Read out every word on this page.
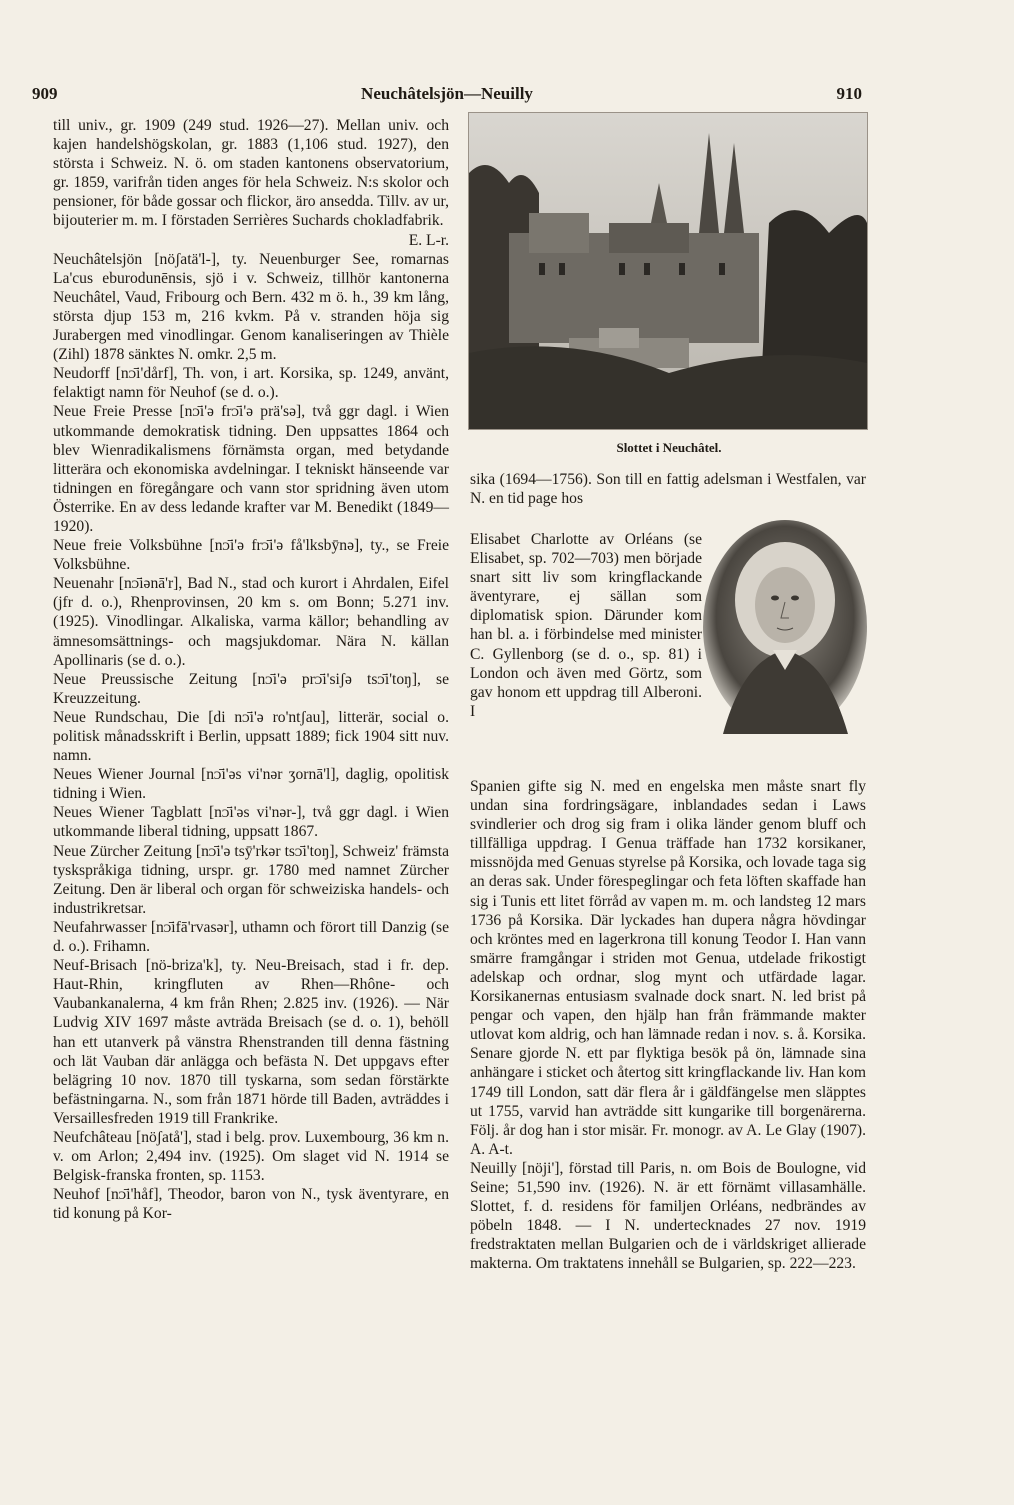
909	Neuchâtelsjön—Neuilly	910

till univ., gr. 1909 (249 stud. 1926—27). Mellan univ. och kajen handelshögskolan, gr. 1883 (1,106 stud. 1927), den största i Schweiz. N. ö. om staden kantonens observatorium, gr. 1859, varifrån tiden anges för hela Schweiz. N:s skolor och pensioner, för både gossar och flickor, äro ansedda. Tillv. av ur, bijouterier m. m. I förstaden Serrières Suchards chokladfabrik.

E. L-r.

Neuchâtelsjön [nöʃatä'l-], ty. Neuenburger See, romarnas La'cus eburodunēnsis, sjö i v. Schweiz, tillhör kantonerna Neuchâtel, Vaud, Fribourg och Bern. 432 m ö. h., 39 km lång, största djup 153 m, 216 kvkm. På v. stranden höja sig Jurabergen med vinodlingar. Genom kanaliseringen av Thièle (Zihl) 1878 sänktes N. omkr. 2,5 m.

Neudorff [nᴐ̄i'dårf], Th. von, i art. Korsika, sp. 1249, använt, felaktigt namn för Neuhof (se d. o.).

Neue Freie Presse [nᴐ̄i'ə frᴐ̄i'ə prä'sə], två ggr dagl. i Wien utkommande demokratisk tidning. Den uppsattes 1864 och blev Wienradikalismens förnämsta organ, med betydande litterära och ekonomiska avdelningar. I tekniskt hänseende var tidningen en föregångare och vann stor spridning även utom Österrike. En av dess ledande krafter var M. Benedikt (1849—1920).

Neue freie Volksbühne [nᴐ̄i'ə frᴐ̄i'ə få'lksbȳnə], ty., se Freie Volksbühne.

Neuenahr [nᴐ̄iənā'r], Bad N., stad och kurort i Ahrdalen, Eifel (jfr d. o.), Rhenprovinsen, 20 km s. om Bonn; 5.271 inv. (1925). Vinodlingar. Alkaliska, varma källor; behandling av ämnesomsättnings- och magsjukdomar. Nära N. källan Apollinaris (se d. o.).

Neue Preussische Zeitung [nᴐ̄i'ə prᴐ̄i'siʃə tsᴐ̄i'toŋ], se Kreuzzeitung.

Neue Rundschau, Die [di nᴐ̄i'ə ro'ntʃau], litterär, social o. politisk månadsskrift i Berlin, uppsatt 1889; fick 1904 sitt nuv. namn.

Neues Wiener Journal [nᴐ̄i'əs vi'nər ʒornā'l], daglig, opolitisk tidning i Wien.

Neues Wiener Tagblatt [nᴐ̄i'əs vi'nər-], två ggr dagl. i Wien utkommande liberal tidning, uppsatt 1867.

Neue Zürcher Zeitung [nᴐ̄i'ə tsȳ'rkər tsᴐ̄i'toŋ], Schweiz' främsta tyskspråkiga tidning, urspr. gr. 1780 med namnet Zürcher Zeitung. Den är liberal och organ för schweiziska handels- och industrikretsar.

Neufahrwasser [nᴐ̄ifā'rvasər], uthamn och förort till Danzig (se d. o.). Frihamn.

Neuf-Brisach [nö-briza'k], ty. Neu-Breisach, stad i fr. dep. Haut-Rhin, kringfluten av Rhen—Rhône- och Vaubankanalerna, 4 km från Rhen; 2.825 inv. (1926). — När Ludvig XIV 1697 måste avträda Breisach (se d. o. 1), behöll han ett utanverk på vänstra Rhenstranden till denna fästning och lät Vauban där anlägga och befästa N. Det uppgavs efter belägring 10 nov. 1870 till tyskarna, som sedan förstärkte befästningarna. N., som från 1871 hörde till Baden, avträddes i Versaillesfreden 1919 till Frankrike.

Neufchâteau [nöʃatå'], stad i belg. prov. Luxembourg, 36 km n. v. om Arlon; 2,494 inv. (1925). Om slaget vid N. 1914 se Belgisk-franska fronten, sp. 1153.

Neuhof [nᴐ̄i'håf], Theodor, baron von N., tysk äventyrare, en tid konung på Kor-

Slottet i Neuchâtel.

sika (1694—1756). Son till en fattig adelsman i Westfalen, var N. en tid page hos

Elisabet Charlotte av Orléans (se Elisabet, sp. 702—703) men började snart sitt liv som kringflackande äventyrare, ej sällan som diplomatisk spion. Därunder kom han bl. a. i förbindelse med minister C. Gyllenborg (se d. o., sp. 81) i London och även med Görtz, som gav honom ett uppdrag till Alberoni. I

Spanien gifte sig N. med en engelska men måste snart fly undan sina fordringsägare, inblandades sedan i Laws svindlerier och drog sig fram i olika länder genom bluff och tillfälliga uppdrag. I Genua träffade han 1732 korsikaner, missnöjda med Genuas styrelse på Korsika, och lovade taga sig an deras sak. Under förespeglingar och feta löften skaffade han sig i Tunis ett litet förråd av vapen m. m. och landsteg 12 mars 1736 på Korsika. Där lyckades han dupera några hövdingar och kröntes med en lagerkrona till konung Teodor I. Han vann smärre framgångar i striden mot Genua, utdelade frikostigt adelskap och ordnar, slog mynt och utfärdade lagar. Korsikanernas entusiasm svalnade dock snart. N. led brist på pengar och vapen, den hjälp han från främmande makter utlovat kom aldrig, och han lämnade redan i nov. s. å. Korsika. Senare gjorde N. ett par flyktiga besök på ön, lämnade sina anhängare i sticket och återtog sitt kringflackande liv. Han kom 1749 till London, satt där flera år i gäldfängelse men släpptes ut 1755, varvid han avträdde sitt kungarike till borgenärerna. Följ. år dog han i stor misär. Fr. monogr. av A. Le Glay (1907). A. A-t.

Neuilly [nöji'], förstad till Paris, n. om Bois de Boulogne, vid Seine; 51,590 inv. (1926). N. är ett förnämt villasamhälle. Slottet, f. d. residens för familjen Orléans, nedbrändes av pöbeln 1848. — I N. undertecknades 27 nov. 1919 fredstraktaten mellan Bulgarien och de i världskriget allierade makterna. Om traktatens innehåll se Bulgarien, sp. 222—223.
